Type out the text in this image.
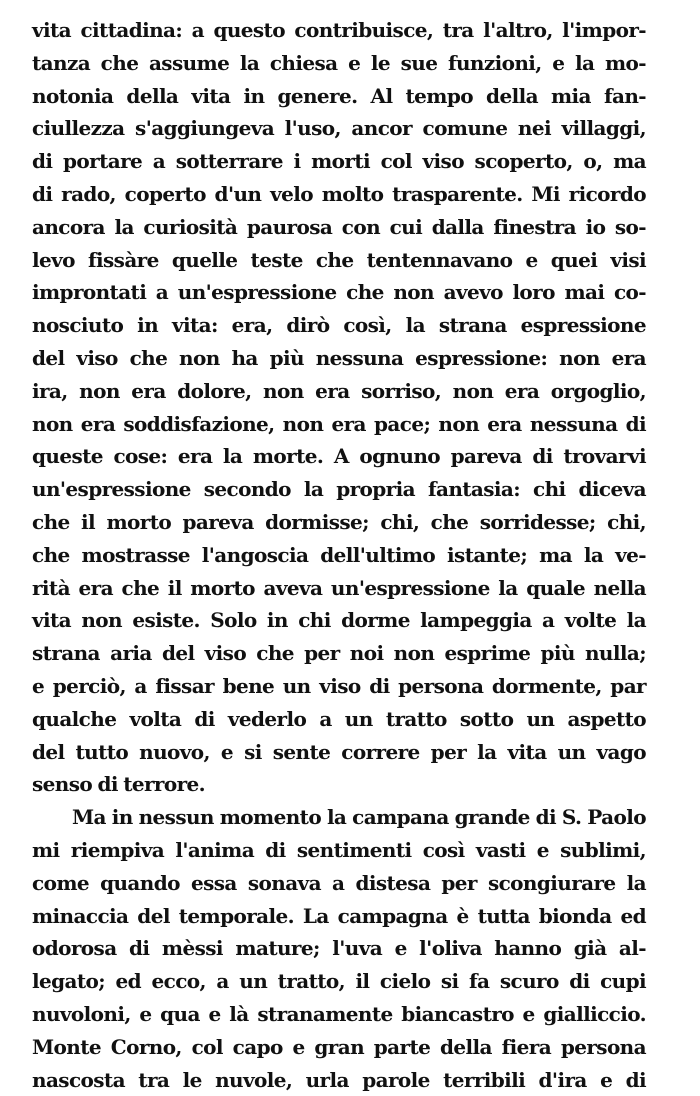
vita cittadina: a questo contribuisce, tra l'altro, l'impor-
tanza che assume la chiesa e le sue funzioni, e la mo-
notonia della vita in genere. Al tempo della mia fan-
ciullezza s'aggiungeva l'uso, ancor comune nei villaggi,
di portare a sotterrare i morti col viso scoperto, o, ma
di rado, coperto d'un velo molto trasparente. Mi ricordo
ancora la curiosità paurosa con cui dalla finestra io so-
levo fissàre quelle teste che tentennavano e quei visi
improntati a un'espressione che non avevo loro mai co-
nosciuto in vita: era, dirò così, la strana espressione
del viso che non ha più nessuna espressione: non era
ira, non era dolore, non era sorriso, non era orgoglio,
non era soddisfazione, non era pace; non era nessuna di
queste cose: era la morte. A ognuno pareva di trovarvi
un'espressione secondo la propria fantasia: chi diceva
che il morto pareva dormisse; chi, che sorridesse; chi,
che mostrasse l'angoscia dell'ultimo istante; ma la ve-
rità era che il morto aveva un'espressione la quale nella
vita non esiste. Solo in chi dorme lampeggia a volte la
strana aria del viso che per noi non esprime più nulla;
e perciò, a fissar bene un viso di persona dormente, par
qualche volta di vederlo a un tratto sotto un aspetto
del tutto nuovo, e si sente correre per la vita un vago
senso di terrore.
Ma in nessun momento la campana grande di S. Paolo
mi riempiva l'anima di sentimenti così vasti e sublimi,
come quando essa sonava a distesa per scongiurare la
minaccia del temporale. La campagna è tutta bionda ed
odorosa di mèssi mature; l'uva e l'oliva hanno già al-
legato; ed ecco, a un tratto, il cielo si fa scuro di cupi
nuvoloni, e qua e là stranamente biancastro e gialliccio.
Monte Corno, col capo e gran parte della fiera persona
nascosta tra le nuvole, urla parole terribili d'ira e di
